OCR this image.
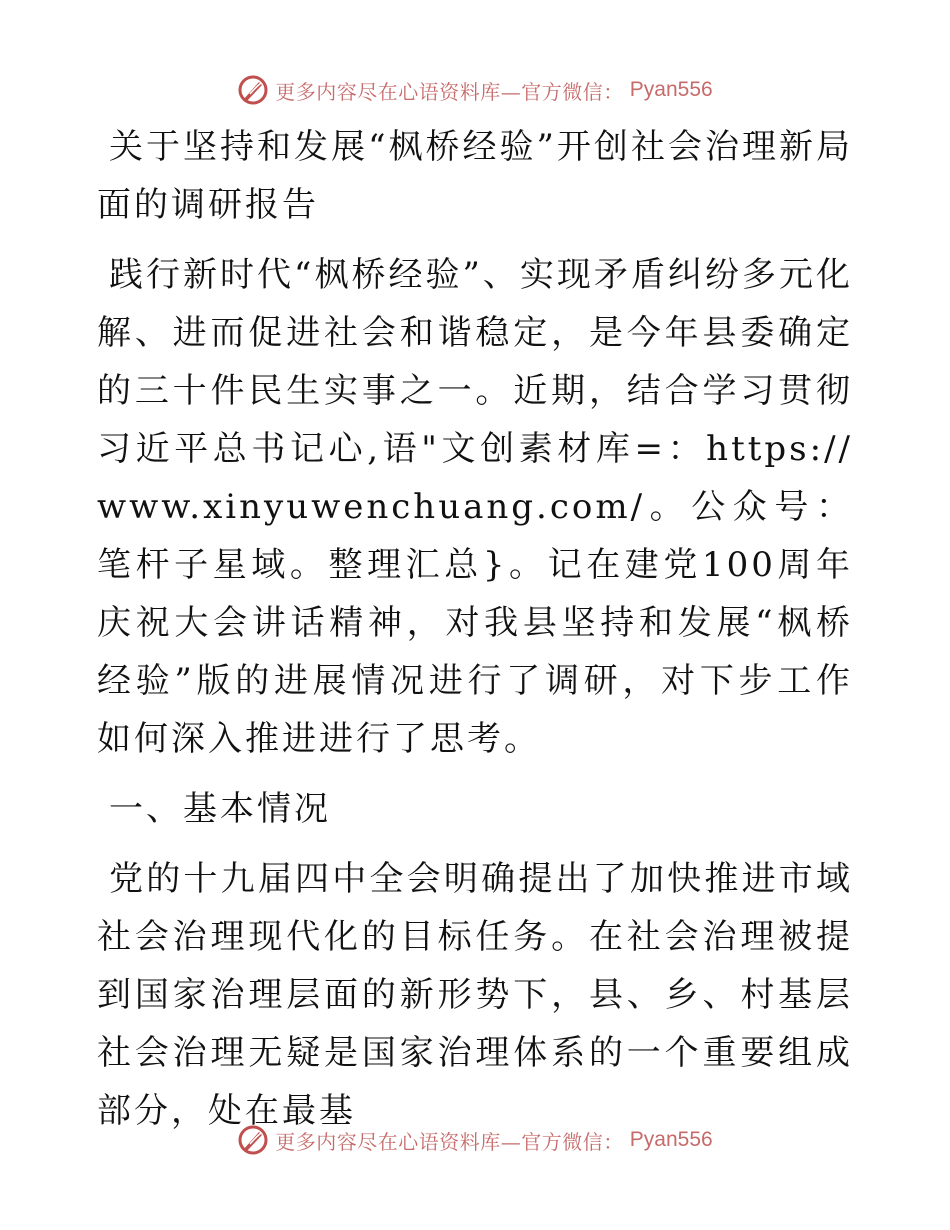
更多内容尽在心语资料库—官方微信： Pyan556

关于坚持和发展“枫桥经验”开创社会治理新局面的调研报告

践行新时代“枫桥经验”、实现矛盾纠纷多元化解、进而促进社会和谐稳定，是今年县委确定的三十件民生实事之一。近期，结合学习贯彻习近平总书记心,语"文创素材库=：https://www.xinyuwenchuang.com/。公众号：笔杆子星域。整理汇总}。记在建党100周年庆祝大会讲话精神，对我县坚持和发展“枫桥经验”版的进展情况进行了调研，对下步工作如何深入推进进行了思考。

一、基本情况

党的十九届四中全会明确提出了加快推进市域社会治理现代化的目标任务。在社会治理被提到国家治理层面的新形势下，县、乡、村基层社会治理无疑是国家治理体系的一个重要组成部分，处在最基

更多内容尽在心语资料库—官方微信： Pyan556
